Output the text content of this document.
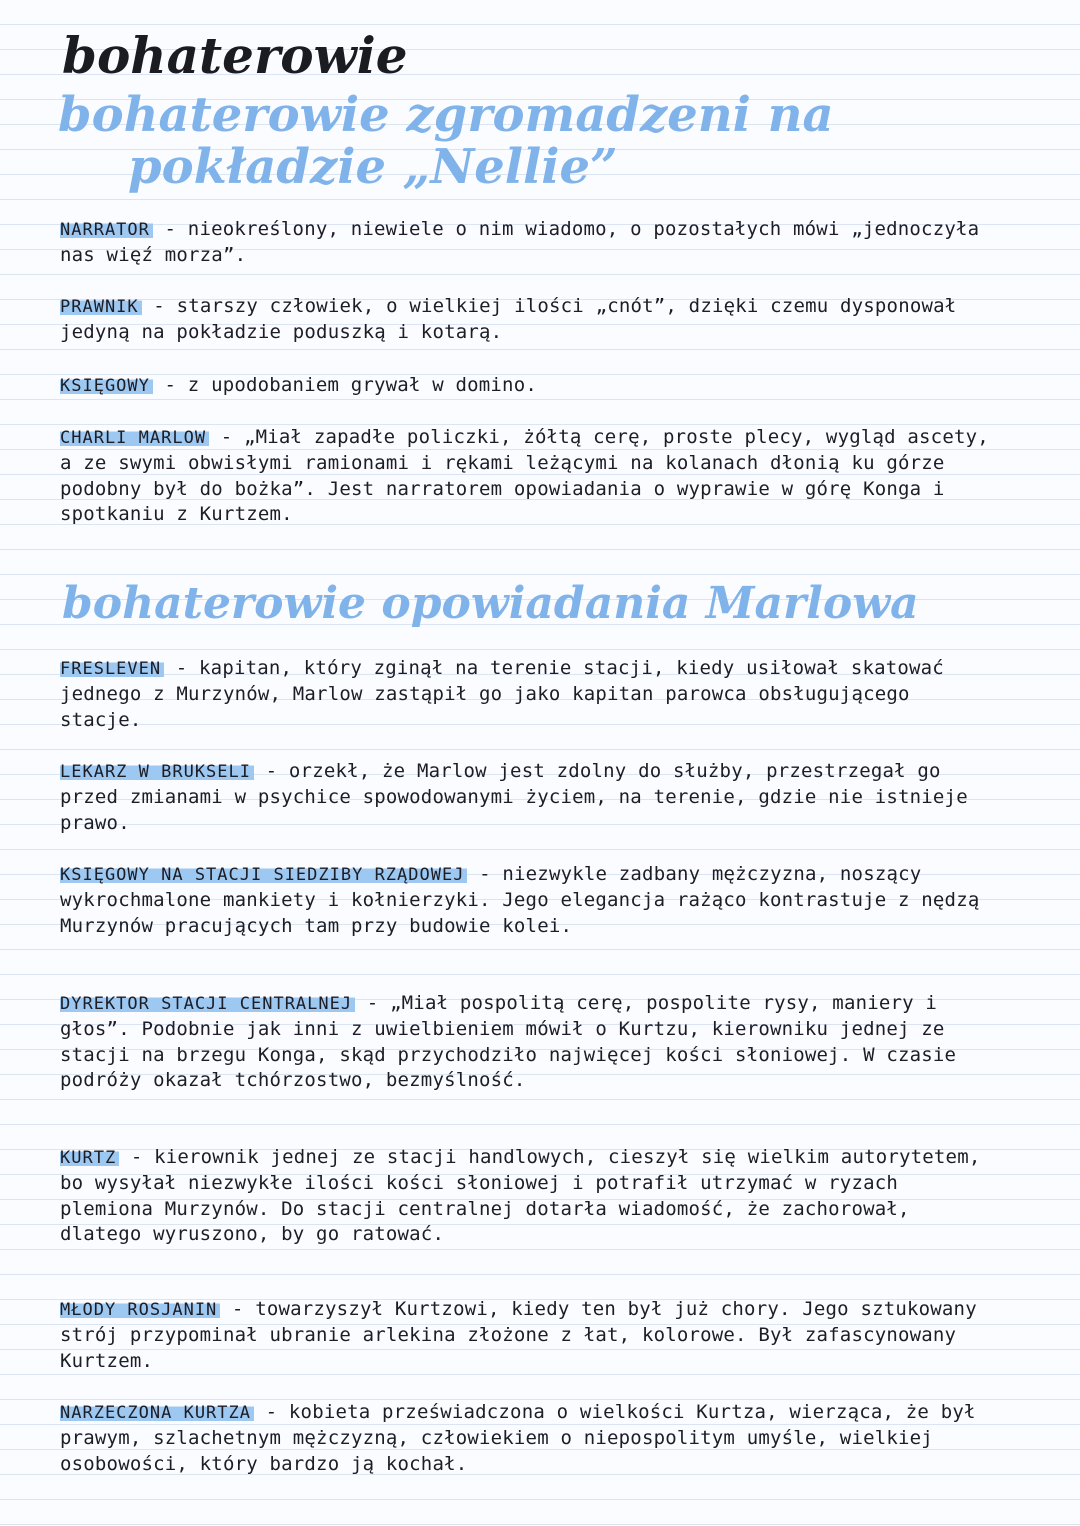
bohaterowie
bohaterowie zgromadzeni na
pokładzie „Nellie”

NARRATOR - nieokreślony, niewiele o nim wiadomo, o pozostałych mówi „jednoczyła nas więź morza”.

PRAWNIK - starszy człowiek, o wielkiej ilości „cnót”, dzięki czemu dysponował jedyną na pokładzie poduszką i kotarą.

KSIĘGOWY - z upodobaniem grywał w domino.

CHARLI MARLOW - „Miał zapadłe policzki, żółtą cerę, proste plecy, wygląd ascety, a ze swymi obwisłymi ramionami i rękami leżącymi na kolanach dłonią ku górze podobny był do bożka”. Jest narratorem opowiadania o wyprawie w górę Konga i spotkaniu z Kurtzem.

bohaterowie opowiadania Marlowa

FRESLEVEN - kapitan, który zginął na terenie stacji, kiedy usiłował skatować jednego z Murzynów, Marlow zastąpił go jako kapitan parowca obsługującego stacje.

LEKARZ W BRUKSELI - orzekł, że Marlow jest zdolny do służby, przestrzegał go przed zmianami w psychice spowodowanymi życiem, na terenie, gdzie nie istnieje prawo.

KSIĘGOWY NA STACJI SIEDZIBY RZĄDOWEJ - niezwykle zadbany mężczyzna, noszący wykrochmalone mankiety i kołnierzyki. Jego elegancja rażąco kontrastuje z nędzą Murzynów pracujących tam przy budowie kolei.

DYREKTOR STACJI CENTRALNEJ - „Miał pospolitą cerę, pospolite rysy, maniery i głos”. Podobnie jak inni z uwielbieniem mówił o Kurtzu, kierowniku jednej ze stacji na brzegu Konga, skąd przychodziło najwięcej kości słoniowej. W czasie podróży okazał tchórzostwo, bezmyślność.

KURTZ - kierownik jednej ze stacji handlowych, cieszył się wielkim autorytetem, bo wysyłał niezwykłe ilości kości słoniowej i potrafił utrzymać w ryzach plemiona Murzynów. Do stacji centralnej dotarła wiadomość, że zachorował, dlatego wyruszono, by go ratować.

MŁODY ROSJANIN - towarzyszył Kurtzowi, kiedy ten był już chory. Jego sztukowany strój przypominał ubranie arlekina złożone z łat, kolorowe. Był zafascynowany Kurtzem.

NARZECZONA KURTZA - kobieta przeświadczona o wielkości Kurtza, wierząca, że był prawym, szlachetnym mężczyzną, człowiekiem o niepospolitym umyśle, wielkiej osobowości, który bardzo ją kochał.
